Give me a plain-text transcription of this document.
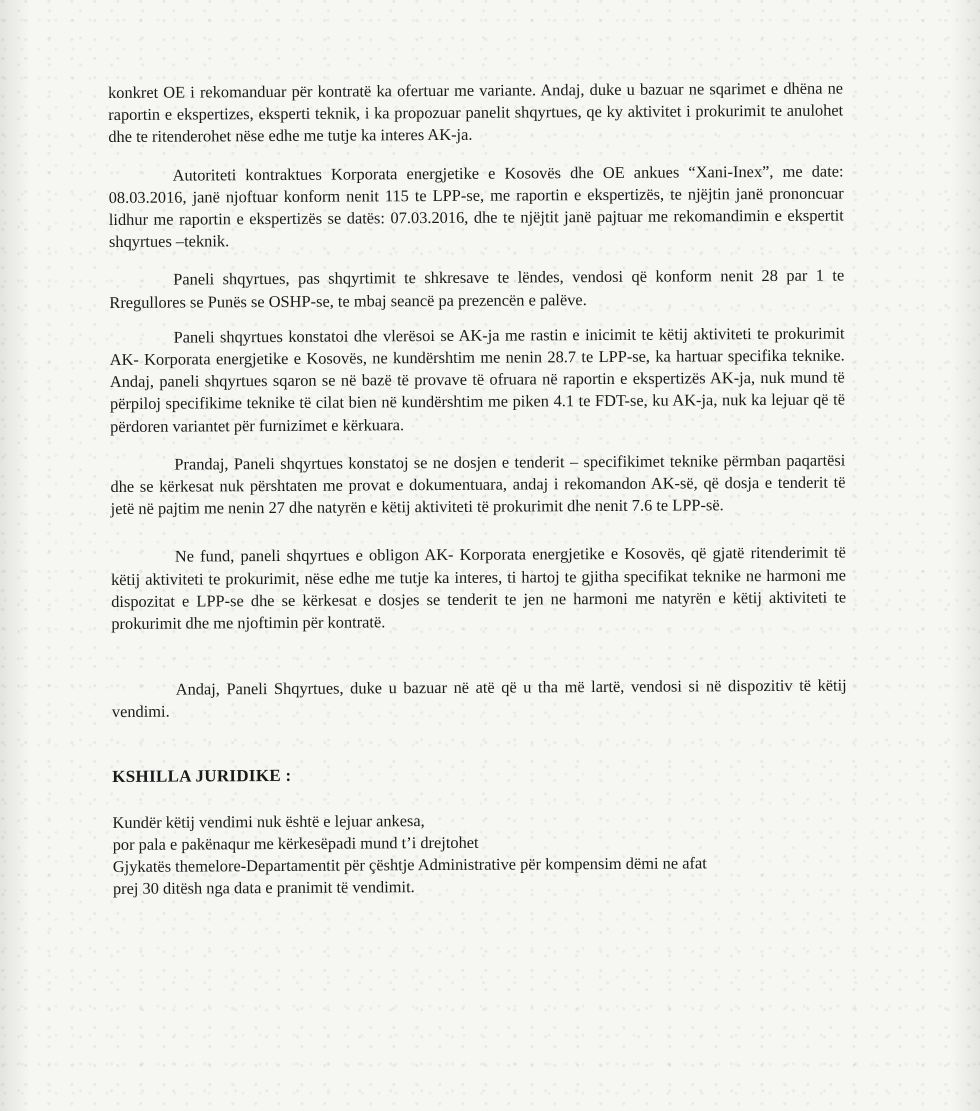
konkret OE i rekomanduar për kontratë ka ofertuar me variante. Andaj, duke u bazuar ne sqarimet e dhëna ne raportin e ekspertizes, eksperti teknik, i ka propozuar panelit shqyrtues, qe ky aktivitet i prokurimit te anulohet dhe te ritenderohet nëse edhe me tutje ka interes AK-ja.

Autoriteti kontraktues Korporata energjetike e Kosovës dhe OE ankues “Xani-Inex”, me date: 08.03.2016, janë njoftuar konform nenit 115 te LPP-se, me raportin e ekspertizës, te njëjtin janë prononcuar lidhur me raportin e ekspertizës se datës: 07.03.2016, dhe te njëjtit janë pajtuar me rekomandimin e ekspertit shqyrtues –teknik.

Paneli shqyrtues, pas shqyrtimit te shkresave te lëndes, vendosi që konform nenit 28 par 1 te Rregullores se Punës se OSHP-se, te mbaj seancë pa prezencën e palëve.

Paneli shqyrtues konstatoi dhe vlerësoi se AK-ja me rastin e inicimit te këtij aktiviteti te prokurimit AK- Korporata energjetike e Kosovës, ne kundërshtim me nenin 28.7 te LPP-se, ka hartuar specifika teknike. Andaj, paneli shqyrtues sqaron se në bazë të provave të ofruara në raportin e ekspertizës AK-ja, nuk mund të përpiloj specifikime teknike të cilat bien në kundërshtim me piken 4.1 te FDT-se, ku AK-ja, nuk ka lejuar që të përdoren variantet për furnizimet e kërkuara.

Prandaj, Paneli shqyrtues konstatoj se ne dosjen e tenderit – specifikimet teknike përmban paqartësi dhe se kërkesat nuk përshtaten me provat e dokumentuara, andaj i rekomandon AK-së, që dosja e tenderit të jetë në pajtim me nenin 27 dhe natyrën e këtij aktiviteti të prokurimit dhe nenit 7.6 te LPP-së.

Ne fund, paneli shqyrtues e obligon AK- Korporata energjetike e Kosovës, që gjatë ritenderimit të këtij aktiviteti te prokurimit, nëse edhe me tutje ka interes, ti hartoj te gjitha specifikat teknike ne harmoni me dispozitat e LPP-se dhe se kërkesat e dosjes se tenderit te jen ne harmoni me natyrën e këtij aktiviteti te prokurimit dhe me njoftimin për kontratë.

Andaj, Paneli Shqyrtues, duke u bazuar në atë që u tha më lartë, vendosi si në dispozitiv të këtij vendimi.

KSHILLA JURIDIKE :

Kundër këtij vendimi nuk është e lejuar ankesa,
por pala e pakënaqur me kërkesëpadi mund t’i drejtohet
Gjykatës themelore-Departamentit për çështje Administrative për kompensim dëmi ne afat
prej 30 ditësh nga data e pranimit të vendimit.
